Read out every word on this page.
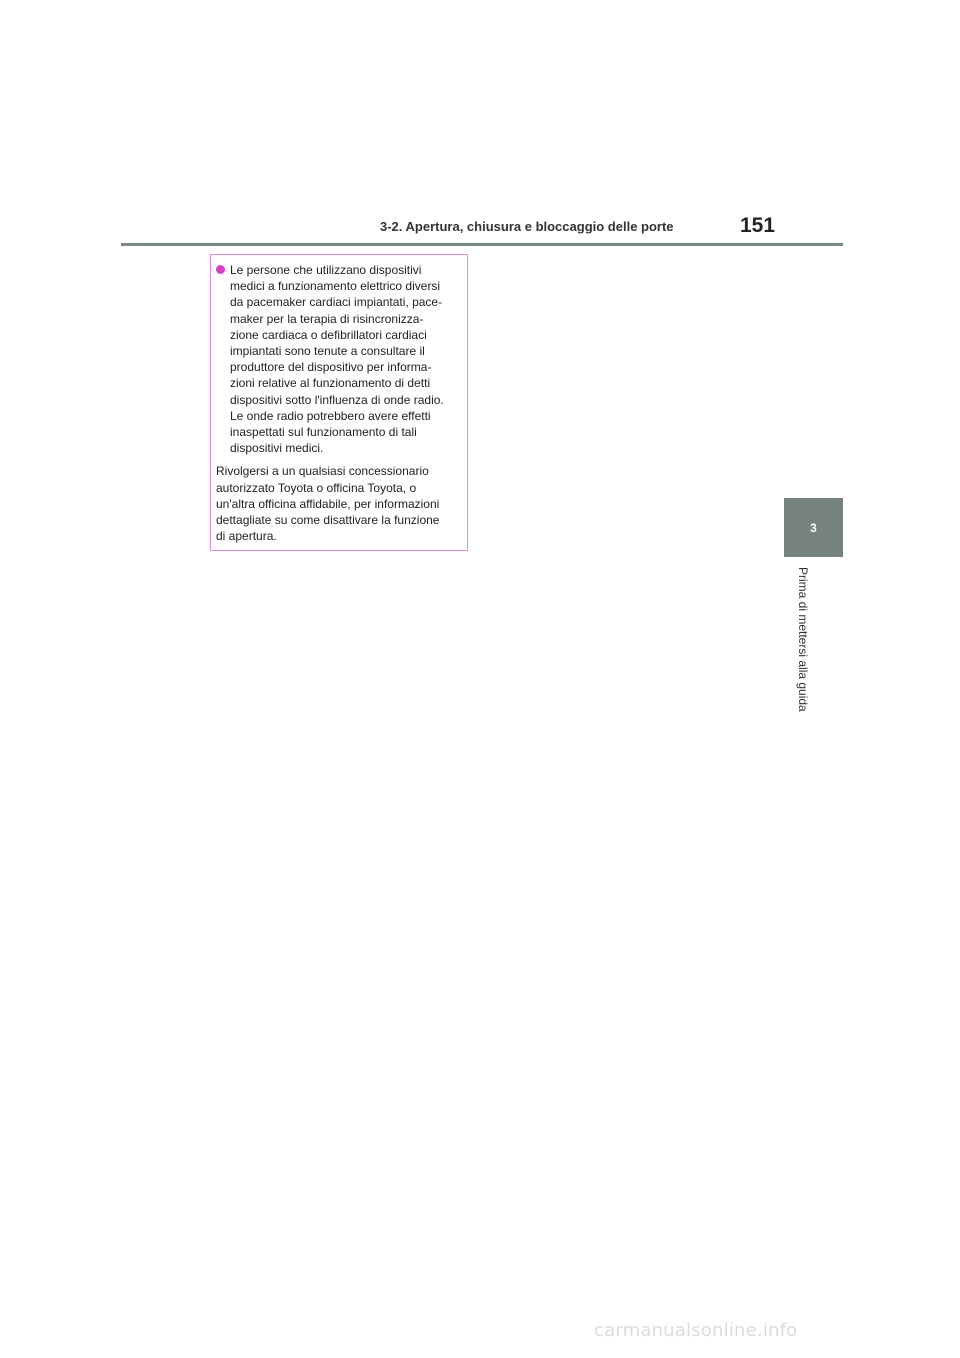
3-2. Apertura, chiusura e bloccaggio delle porte	151
3
Prima di mettersi alla guida
Le persone che utilizzano dispositivi
medici a funzionamento elettrico diversi
da pacemaker cardiaci impiantati, pace-
maker per la terapia di risincronizza-
zione cardiaca o defibrillatori cardiaci
impiantati sono tenute a consultare il
produttore del dispositivo per informa-
zioni relative al funzionamento di detti
dispositivi sotto l'influenza di onde radio.
Le onde radio potrebbero avere effetti
inaspettati sul funzionamento di tali
dispositivi medici.
Rivolgersi a un qualsiasi concessionario
autorizzato Toyota o officina Toyota, o
un'altra officina affidabile, per informazioni
dettagliate su come disattivare la funzione
di apertura.
carmanualsonline.info
